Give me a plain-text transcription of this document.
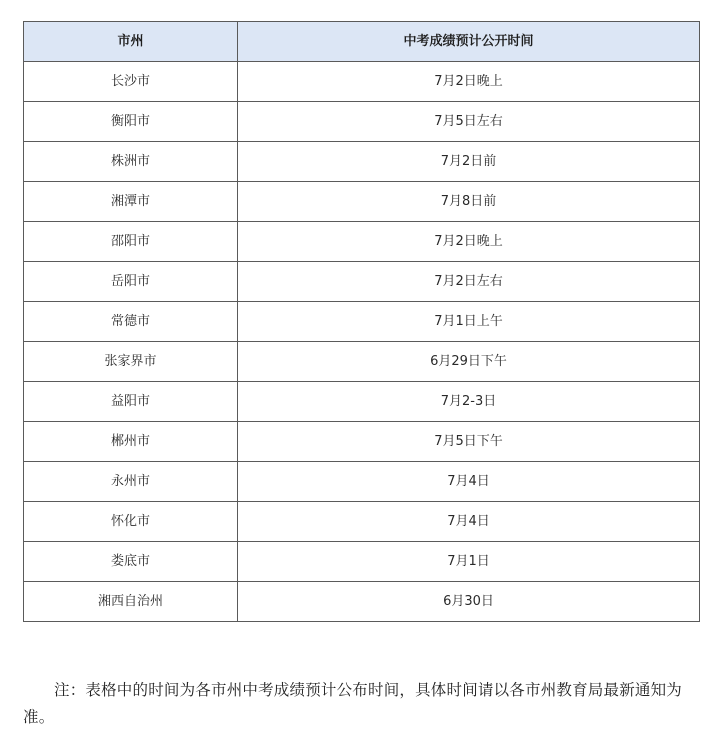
市州	中考成绩预计公开时间
长沙市	7月2日晚上
衡阳市	7月5日左右
株洲市	7月2日前
湘潭市	7月8日前
邵阳市	7月2日晚上
岳阳市	7月2日左右
常德市	7月1日上午
张家界市	6月29日下午
益阳市	7月2-3日
郴州市	7月5日下午
永州市	7月4日
怀化市	7月4日
娄底市	7月1日
湘西自治州	6月30日

注：表格中的时间为各市州中考成绩预计公布时间，具体时间请以各市州教育局最新通知为准。
